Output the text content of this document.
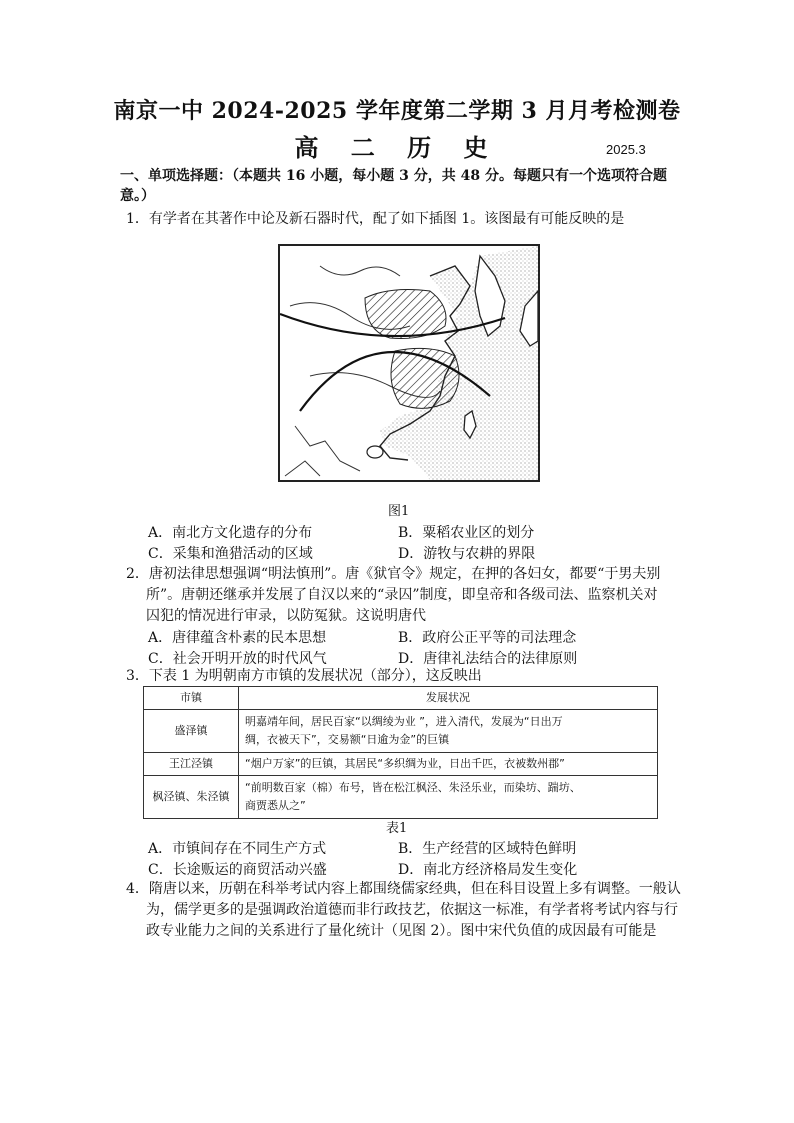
南京一中 2024-2025 学年度第二学期 3 月月考检测卷
高 二 历 史	2025.3
一、单项选择题：（本题共 16 小题，每小题 3 分，共 48 分。每题只有一个选项符合题
意。）
1．有学者在其著作中论及新石器时代，配了如下插图 1。该图最有可能反映的是
图1
A．南北方文化遗存的分布	B．粟稻农业区的划分
C．采集和渔猎活动的区域	D．游牧与农耕的界限
2．唐初法律思想强调“明法慎刑”。唐《狱官令》规定，在押的各妇女，都要“于男夫别
所”。唐朝还继承并发展了自汉以来的“录囚”制度，即皇帝和各级司法、监察机关对
囚犯的情况进行审录，以防冤狱。这说明唐代
A．唐律蕴含朴素的民本思想	B．政府公正平等的司法理念
C．社会开明开放的时代风气	D．唐律礼法结合的法律原则
3．下表 1 为明朝南方市镇的发展状况（部分），这反映出
市镇	发展状况
盛泽镇	明嘉靖年间，居民百家“以绸绫为业 ”，进入清代，发展为“日出万
绸，衣被天下”，交易额“日逾为金”的巨镇

王江泾镇	“烟户万家”的巨镇，其居民“多织绸为业，日出千匹，衣被数州郡”
枫泾镇、朱泾镇	“前明数百家（棉）布号，皆在松江枫泾、朱泾乐业，而染坊、踹坊、
商贾悉从之”
表1
A．市镇间存在不同生产方式	B．生产经营的区域特色鲜明
C．长途贩运的商贸活动兴盛	D．南北方经济格局发生变化
4．隋唐以来，历朝在科举考试内容上都围绕儒家经典，但在科目设置上多有调整。一般认
为，儒学更多的是强调政治道德而非行政技艺，依据这一标准，有学者将考试内容与行
政专业能力之间的关系进行了量化统计（见图 2）。图中宋代负值的成因最有可能是
